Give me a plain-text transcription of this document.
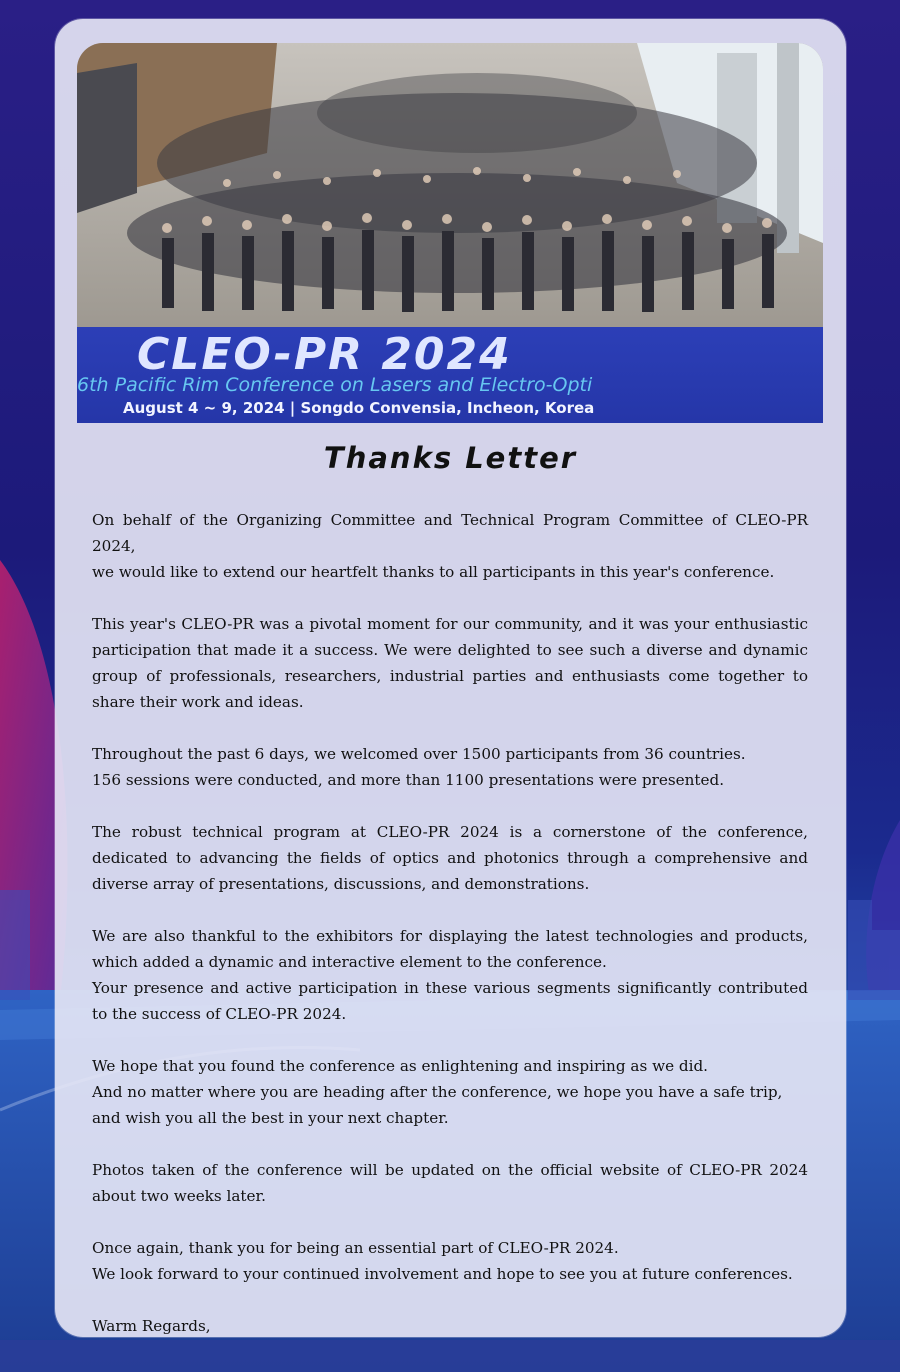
CLEO-PR 2024
6th Pacific Rim Conference on Lasers and Electro-Opti
August 4 ~ 9, 2024 | Songdo Convensia, Incheon, Korea
Thanks Letter

On behalf of the Organizing Committee and Technical Program Committee of CLEO-PR 2024,
we would like to extend our heartfelt thanks to all participants in this year's conference.

This year's CLEO-PR was a pivotal moment for our community, and it was your enthusiastic participation that made it a success. We were delighted to see such a diverse and dynamic group of professionals, researchers, industrial parties and enthusiasts come together to share their work and ideas.

Throughout the past 6 days, we welcomed over 1500 participants from 36 countries.
156 sessions were conducted, and more than 1100 presentations were presented.

The robust technical program at CLEO-PR 2024 is a cornerstone of the conference, dedicated to advancing the fields of optics and photonics through a comprehensive and diverse array of presentations, discussions, and demonstrations.

We are also thankful to the exhibitors for displaying the latest technologies and products, which added a dynamic and interactive element to the conference.
Your presence and active participation in these various segments significantly contributed to the success of CLEO-PR 2024.

We hope that you found the conference as enlightening and inspiring as we did.
And no matter where you are heading after the conference, we hope you have a safe trip,
and wish you all the best in your next chapter.

Photos taken of the conference will be updated on the official website of CLEO-PR 2024 about two weeks later.

Once again, thank you for being an essential part of CLEO-PR 2024.
We look forward to your continued involvement and hope to see you at future conferences.

Warm Regards,
